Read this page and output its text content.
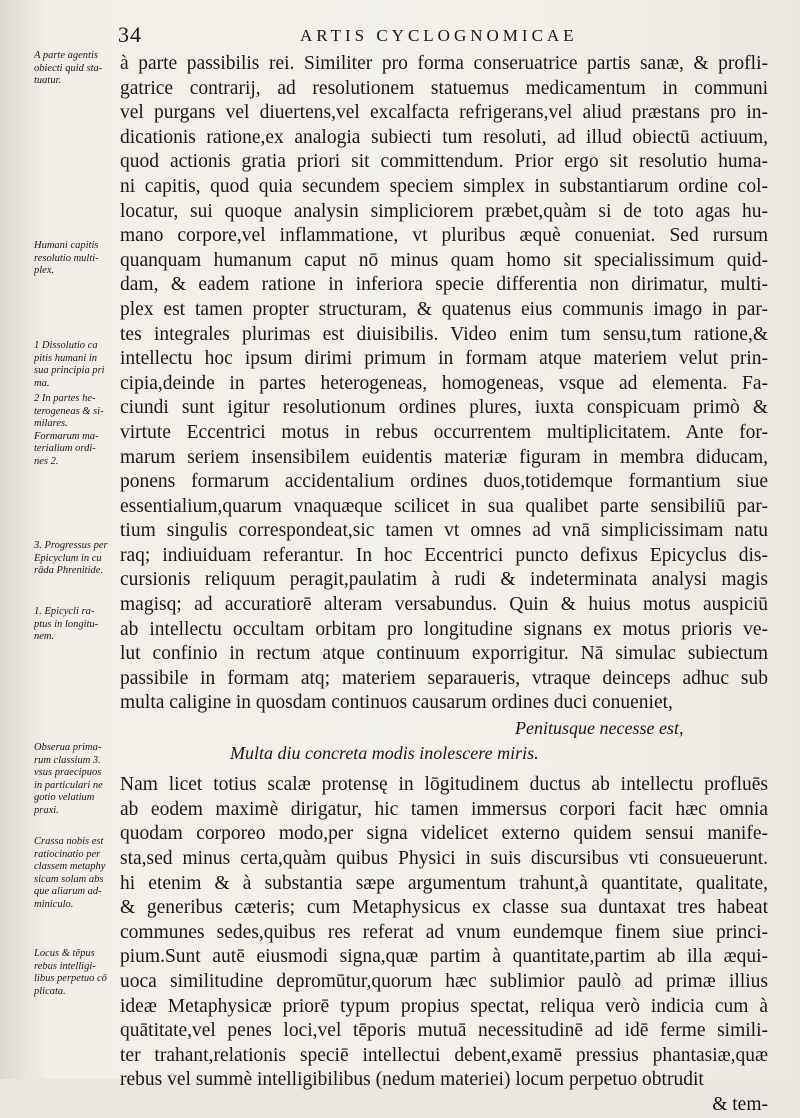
34	ARTIS CYCLOGNOMICAE
A parte agentis
obiecti quid sta-
tuatur.
Humani capitis
resolutio multi-
plex.
1 Dissolutio ca
pitis humani in
sua principia pri
ma.
2 In partes he-
terogeneas & si-
milares.
Formarum ma-
terialium ordi-
nes 2.
3. Progressus per
Epicyclum in cu
rāda Phrenitide.
1. Epicycli ra-
ptus in longitu-
nem.
Obserua prima-
rum classium 3.
vsus praecipuos
in particulari ne
gotio velatium
praxi.
Crassa nobis est
ratiocinatio per
classem metaphy
sicam solam abs
que aliarum ad-
miniculo.
Locus & tēpus
rebus intelligi-
libus perpetuo cō
plicata.
à parte passibilis rei. Similiter pro forma conseruatrice partis sanæ, & profli-
gatrice contrarij, ad resolutionem statuemus medicamentum in communi
vel purgans vel diuertens,vel excalfacta refrigerans,vel aliud præstans pro in-
dicationis ratione,ex analogia subiecti tum resoluti, ad illud obiectū actiuum,
quod actionis gratia priori sit committendum. Prior ergo sit resolutio huma-
ni capitis, quod quia secundem speciem simplex in substantiarum ordine col-
locatur, sui quoque analysin simpliciorem præbet,quàm si de toto agas hu-
mano corpore,vel inflammatione, vt pluribus æquè conueniat. Sed rursum
quanquam humanum caput nō minus quam homo sit specialissimum quid-
dam, & eadem ratione in inferiora specie differentia non dirimatur, multi-
plex est tamen propter structuram, & quatenus eius communis imago in par-
tes integrales plurimas est diuisibilis. Video enim tum sensu,tum ratione,&
intellectu hoc ipsum dirimi primum in formam atque materiem velut prin-
cipia,deinde in partes heterogeneas, homogeneas, vsque ad elementa. Fa-
ciundi sunt igitur resolutionum ordines plures, iuxta conspicuam primò &
virtute Eccentrici motus in rebus occurrentem multiplicitatem. Ante for-
marum seriem insensibilem euidentis materiæ figuram in membra diducam,
ponens formarum accidentalium ordines duos,totidemque formantium siue
essentialium,quarum vnaquæque scilicet in sua qualibet parte sensibiliū par-
tium singulis correspondeat,sic tamen vt omnes ad vnā simplicissimam natu
raq; indiuiduam referantur. In hoc Eccentrici puncto defixus Epicyclus dis-
cursionis reliquum peragit,paulatim à rudi & indeterminata analysi magis
magisq; ad accuratiorē alteram versabundus. Quin & huius motus auspiciū
ab intellectu occultam orbitam pro longitudine signans ex motus prioris ve-
lut confinio in rectum atque continuum exporrigitur. Nā simulac subiectum
passibile in formam atq; materiem separaueris, vtraque deinceps adhuc sub
multa caligine in quosdam continuos causarum ordines duci conueniet,
Penitusque necesse est,
Multa diu concreta modis inolescere miris.
Nam licet totius scalæ protensę in lōgitudinem ductus ab intellectu profluēs
ab eodem maximè dirigatur, hic tamen immersus corpori facit hæc omnia
quodam corporeo modo,per signa videlicet externo quidem sensui manife-
sta,sed minus certa,quàm quibus Physici in suis discursibus vti consueuerunt.
hi etenim & à substantia sæpe argumentum trahunt,à quantitate, qualitate,
& generibus cæteris; cum Metaphysicus ex classe sua duntaxat tres habeat
communes sedes,quibus res referat ad vnum eundemque finem siue princi-
pium.Sunt autē eiusmodi signa,quæ partim à quantitate,partim ab illa æqui-
uoca similitudine depromūtur,quorum hæc sublimior paulò ad primæ illius
ideæ Metaphysicæ priorē typum propius spectat, reliqua verò indicia cum à
quātitate,vel penes loci,vel tēporis mutuā necessitudinē ad idē ferme simili-
ter trahant,relationis speciē intellectui debent,examē pressius phantasiæ,quæ
rebus vel summè intelligibilibus (nedum materiei) locum perpetuo obtrudit
& tem-
